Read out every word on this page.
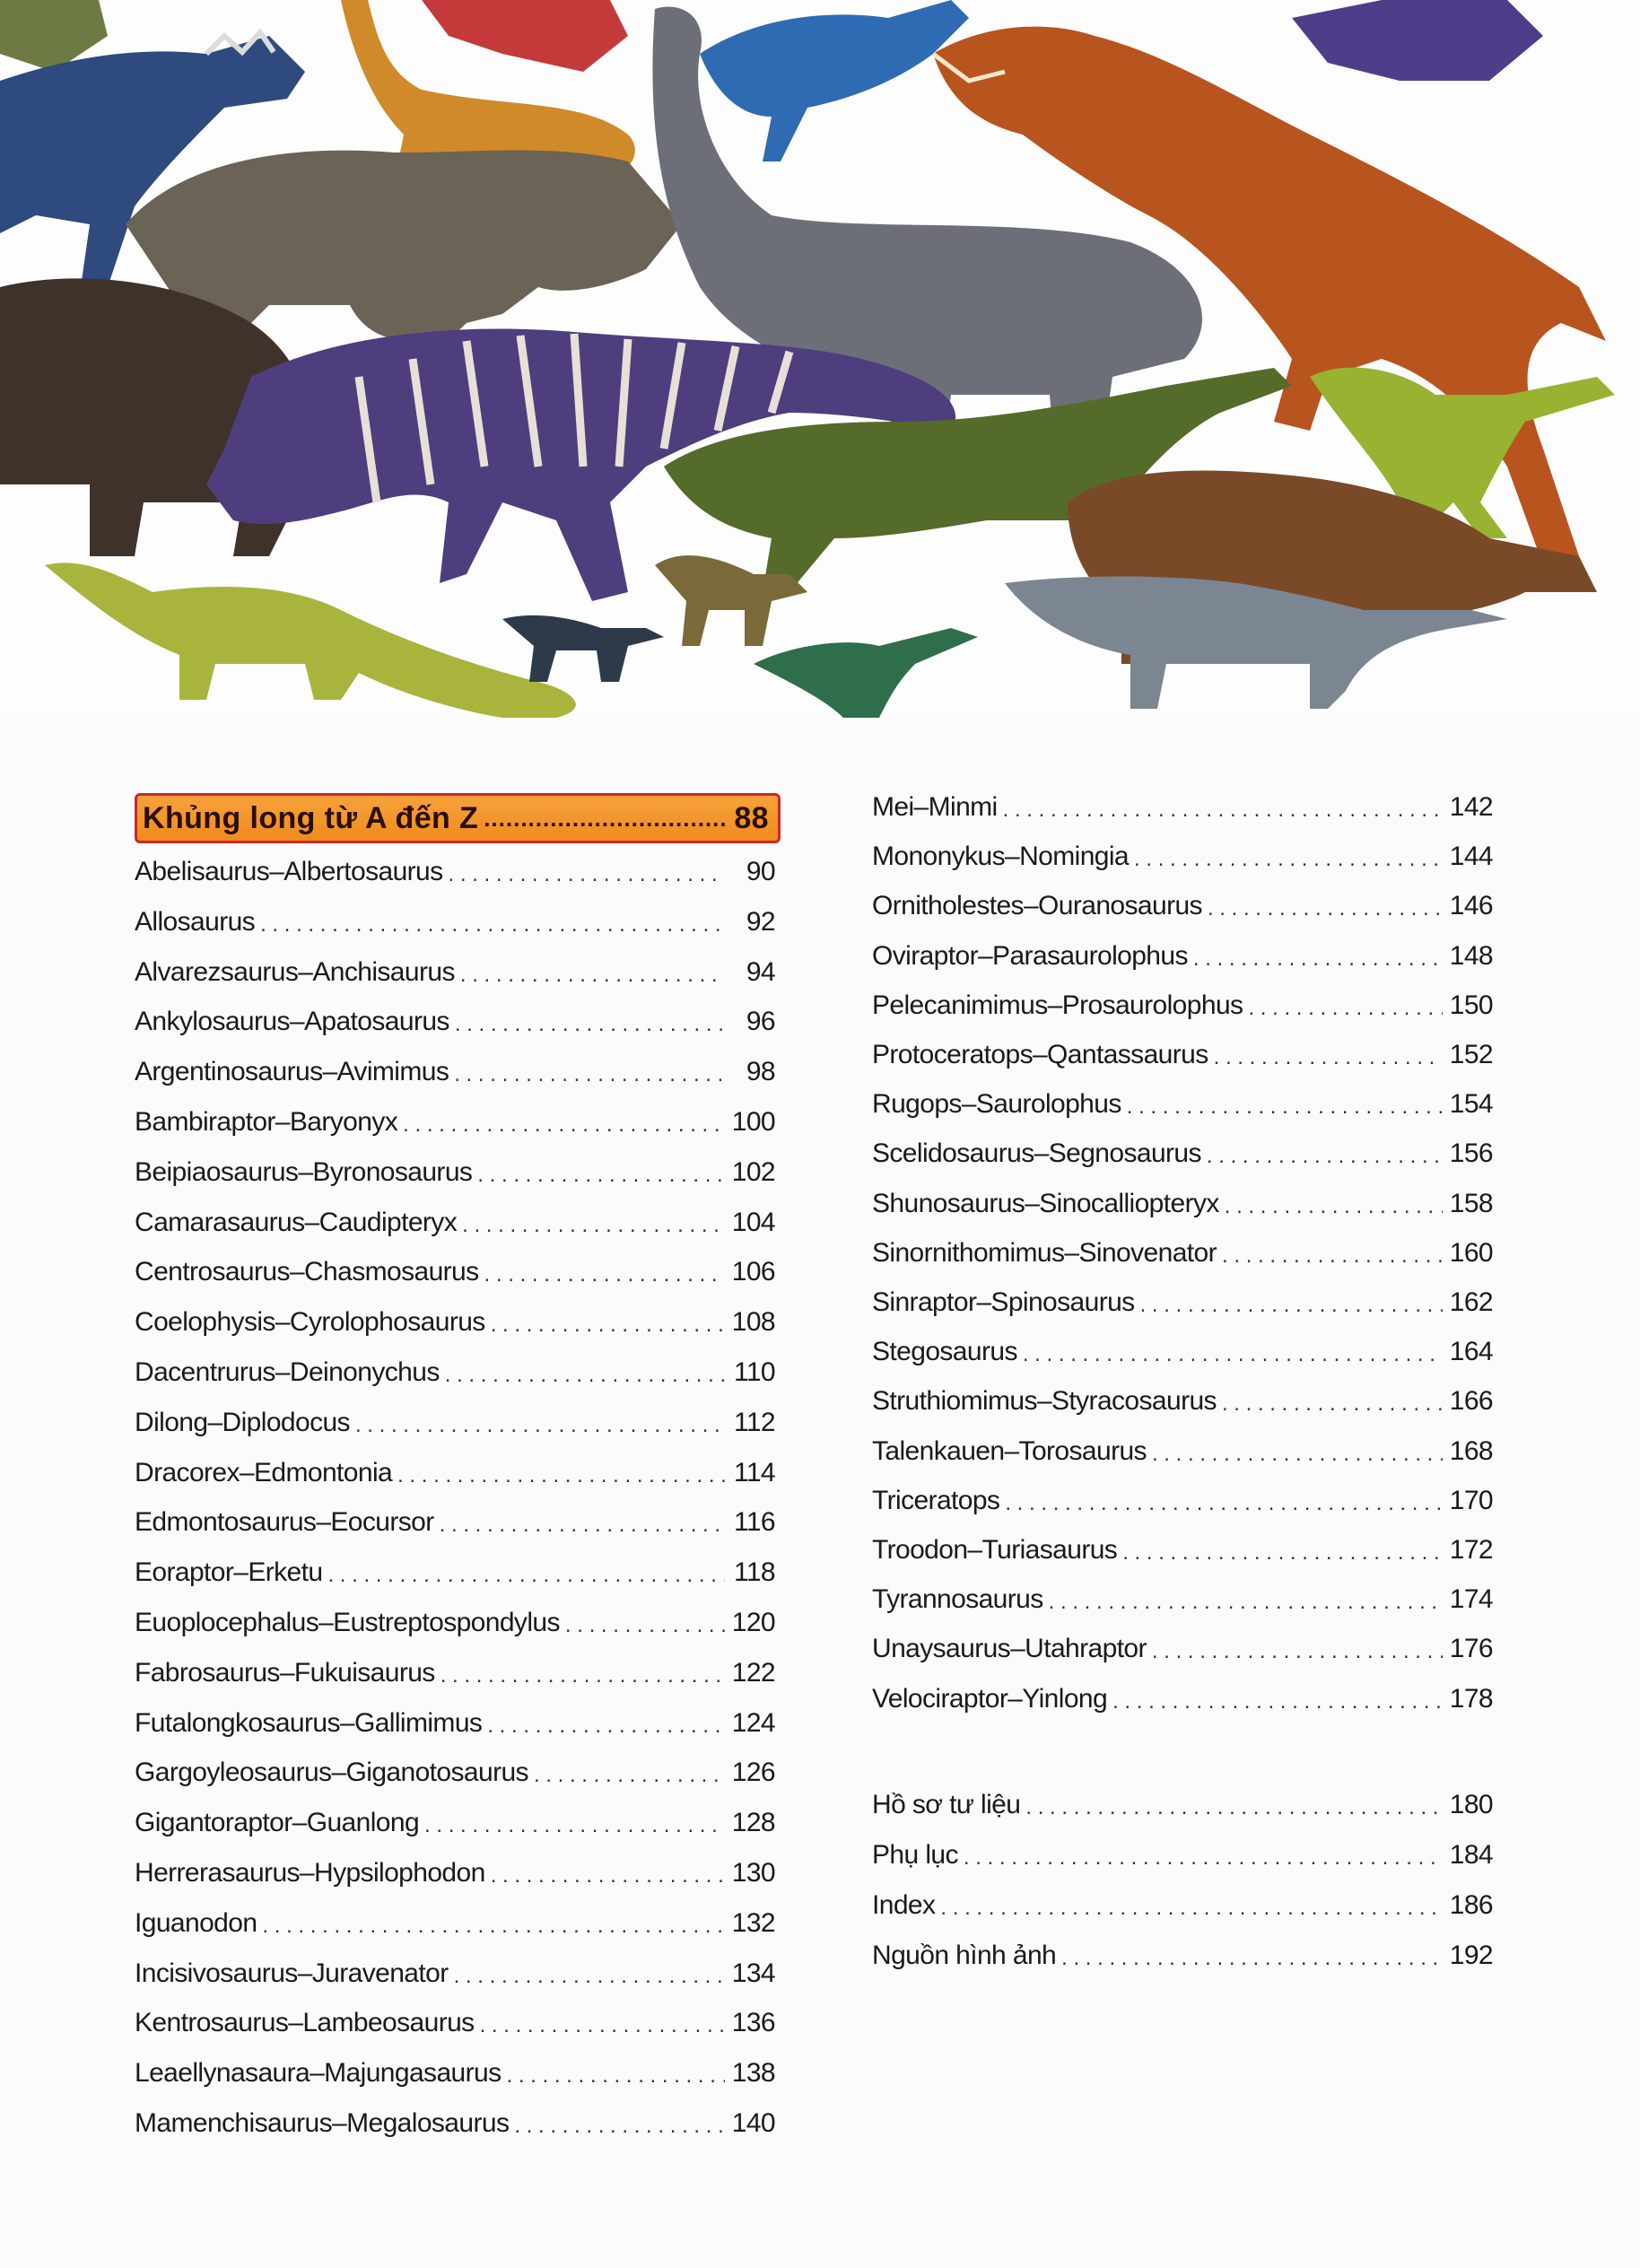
Khủng long từ A đến Z .....	88
Abelisaurus–Albertosaurus . . .	90
Allosaurus . . .	92
Alvarezsaurus–Anchisaurus . . .	94
Ankylosaurus–Apatosaurus . . .	96
Argentinosaurus–Avimimus . . .	98
Bambiraptor–Baryonyx . . .	100
Beipiaosaurus–Byronosaurus . . .	102
Camarasaurus–Caudipteryx . . .	104
Centrosaurus–Chasmosaurus . . .	106
Coelophysis–Cyrolophosaurus . . .	108
Dacentrurus–Deinonychus . . .	110
Dilong–Diplodocus . . .	112
Dracorex–Edmontonia . . .	114
Edmontosaurus–Eocursor . . .	116
Eoraptor–Erketu . . .	118
Euoplocephalus–Eustreptospondylus . . .	120
Fabrosaurus–Fukuisaurus . . .	122
Futalongkosaurus–Gallimimus . . .	124
Gargoyleosaurus–Giganotosaurus . . .	126
Gigantoraptor–Guanlong . . .	128
Herrerasaurus–Hypsilophodon . . .	130
Iguanodon . . .	132
Incisivosaurus–Juravenator . . .	134
Kentrosaurus–Lambeosaurus . . .	136
Leaellynasaura–Majungasaurus . . .	138
Mamenchisaurus–Megalosaurus . . .	140
Mei–Minmi . . .	142
Mononykus–Nomingia . . .	144
Ornitholestes–Ouranosaurus . . .	146
Oviraptor–Parasaurolophus . . .	148
Pelecanimimus–Prosaurolophus . . .	150
Protoceratops–Qantassaurus . . .	152
Rugops–Saurolophus . . .	154
Scelidosaurus–Segnosaurus . . .	156
Shunosaurus–Sinocalliopteryx . . .	158
Sinornithomimus–Sinovenator . . .	160
Sinraptor–Spinosaurus . . .	162
Stegosaurus . . .	164
Struthiomimus–Styracosaurus . . .	166
Talenkauen–Torosaurus . . .	168
Triceratops . . .	170
Troodon–Turiasaurus . . .	172
Tyrannosaurus . . .	174
Unaysaurus–Utahraptor . . .	176
Velociraptor–Yinlong . . .	178
Hồ sơ tư liệu . . .	180
Phụ lục . . .	184
Index . . .	186
Nguồn hình ảnh . . .	192
